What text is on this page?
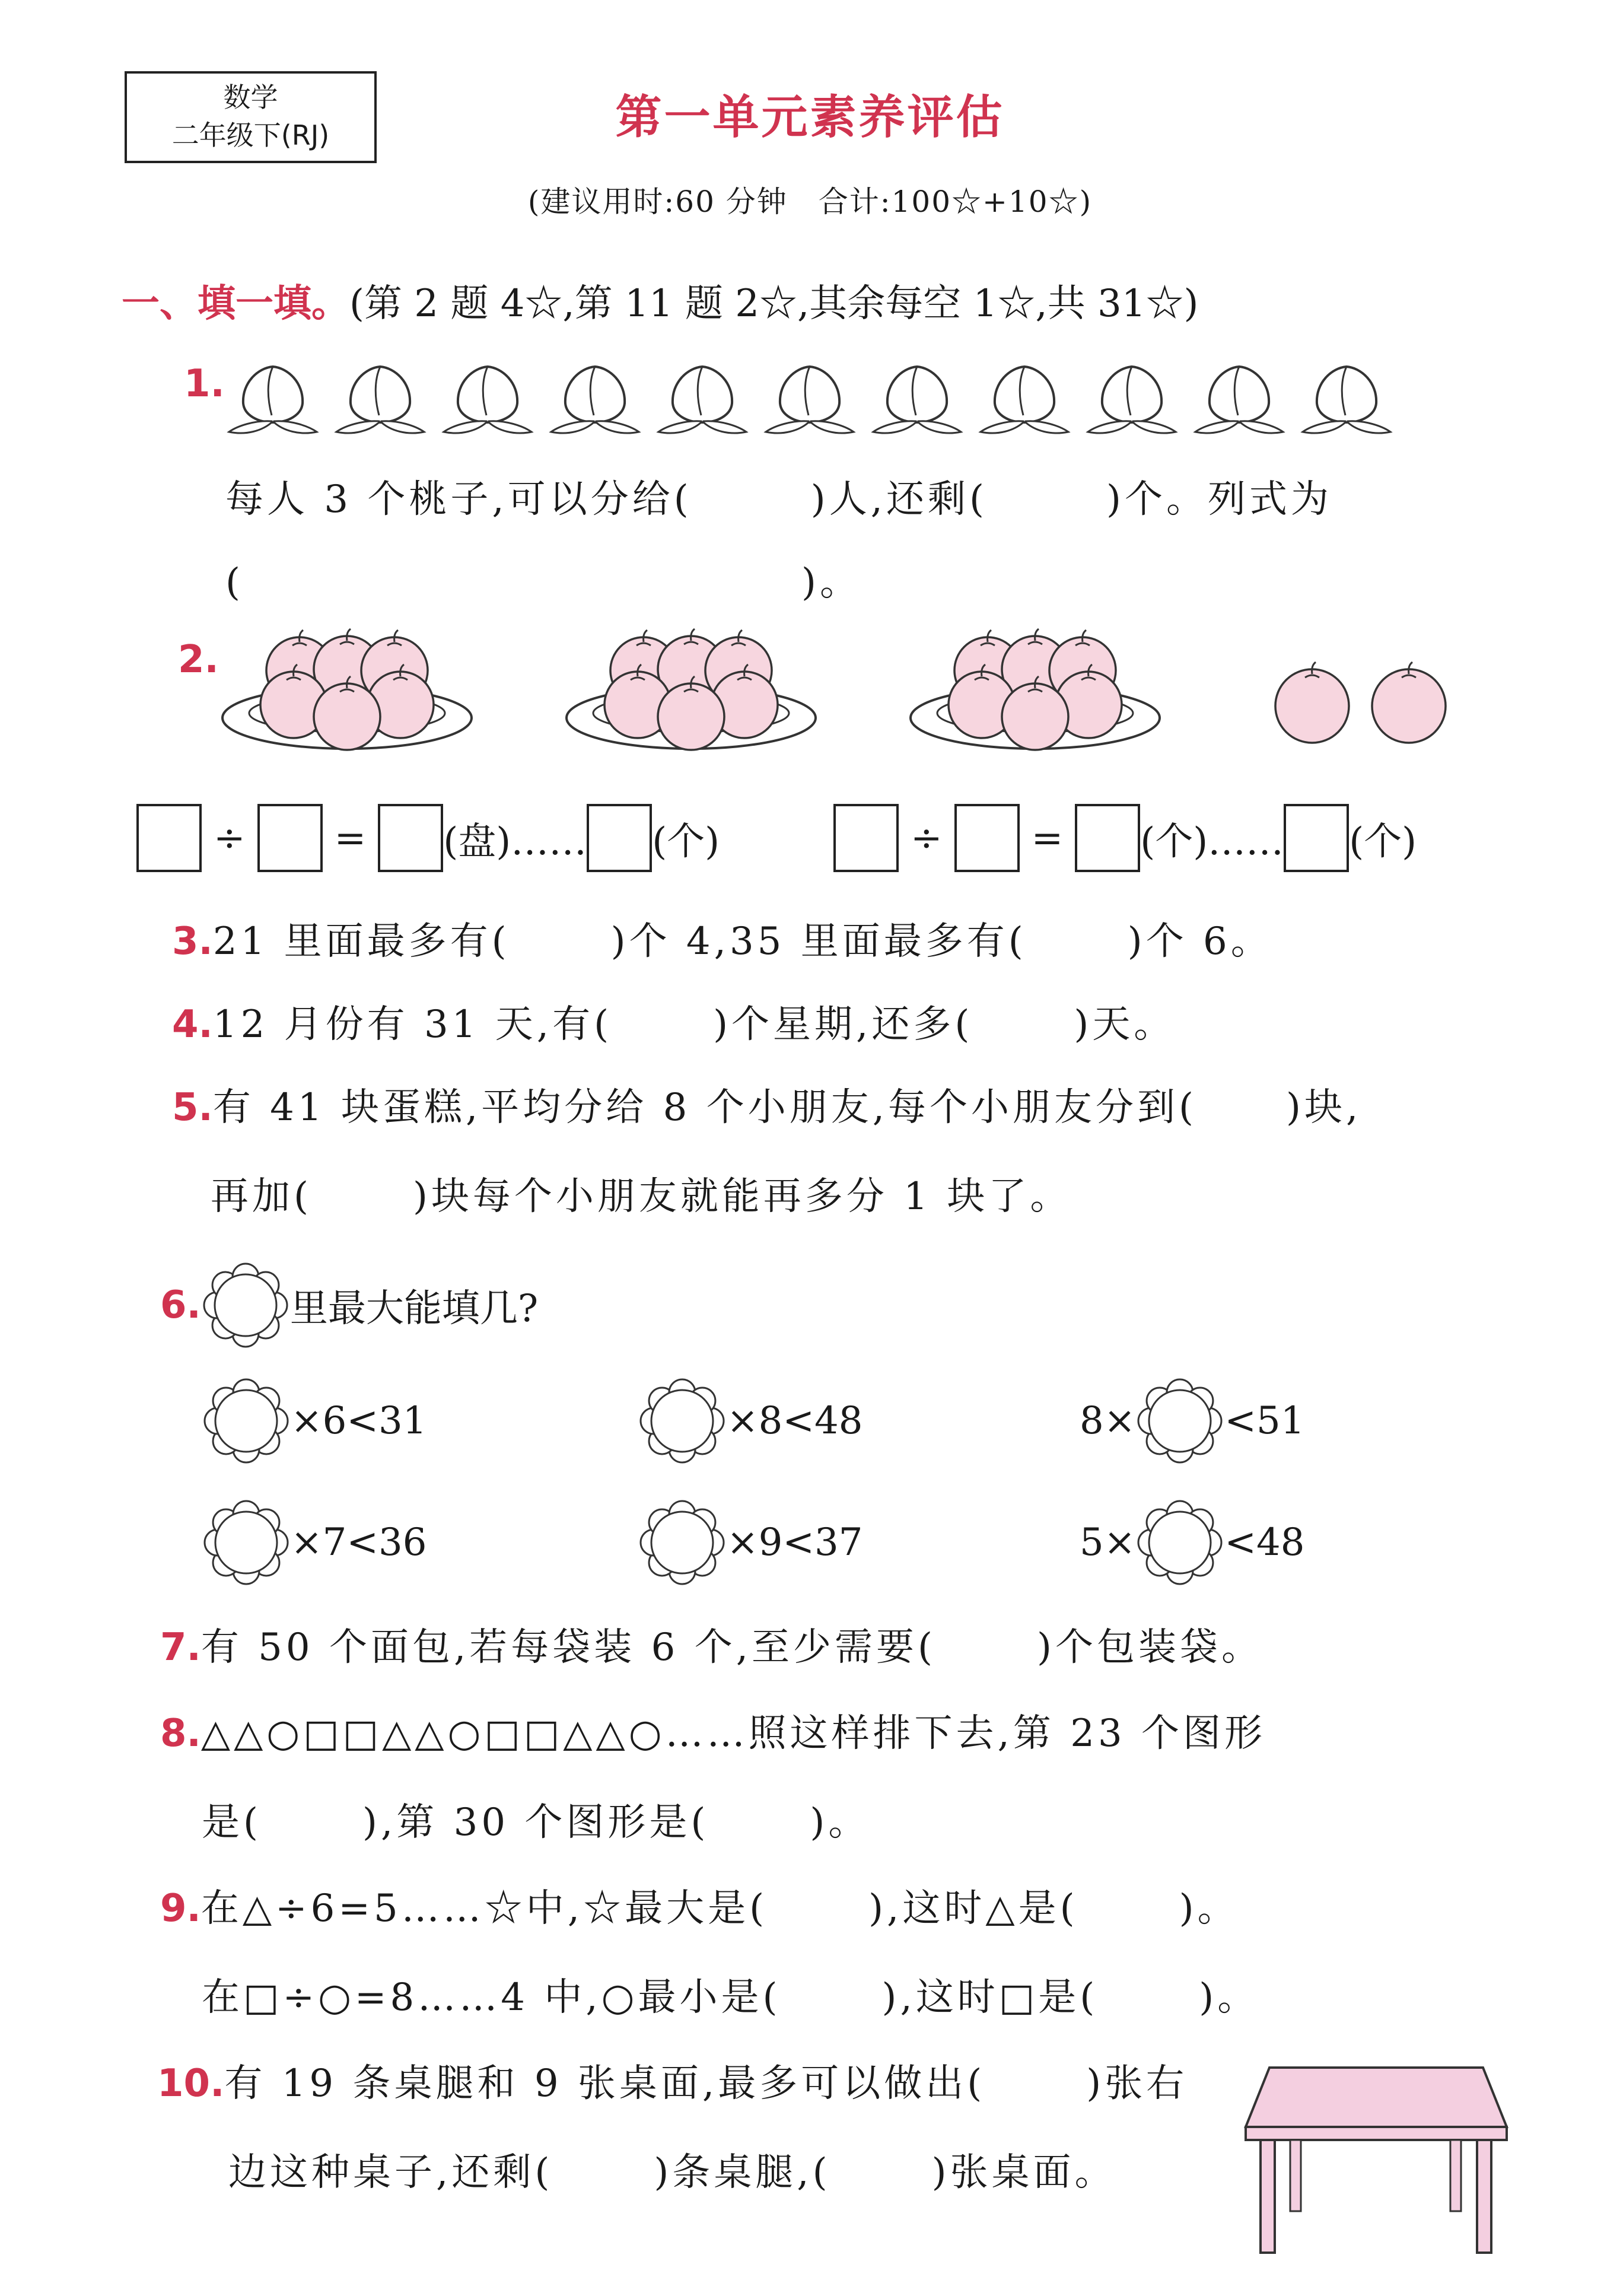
数学
二年级下(RJ)	第一单元素养评估
(建议用时:60 分钟　合计:100☆+10☆)
一、填一填。(第 2 题 4☆,第 11 题 2☆,其余每空 1☆,共 31☆)
1.
每人 3 个桃子,可以分给(	)人,还剩(	)个。列式为
(	)。
2.
÷ = (盘)…… (个)	÷ = (个)…… (个)
3.21 里面最多有(	)个 4,35 里面最多有(	)个 6。
4.12 月份有 31 天,有(	)个星期,还多(	)天。
5.有 41 块蛋糕,平均分给 8 个小朋友,每个小朋友分到( )块,
再加(	)块每个小朋友就能再多分 1 块了。
6. 里最大能填几?
×6<31	×8<48	8× <51
×7<36	×9<37	5× <48
7.有 50 个面包,若每袋装 6 个,至少需要(	)个包装袋。
8.△△○□□△△○□□△△○……照这样排下去,第 23 个图形
是(	),第 30 个图形是(	)。
9.在△÷6=5……☆中,☆最大是(	),这时△是(	)。
在□÷○=8……4 中,○最小是(	),这时□是(	)。
10.有 19 条桌腿和 9 张桌面,最多可以做出(	)张右
边这种桌子,还剩(	)条桌腿,(	)张桌面。
